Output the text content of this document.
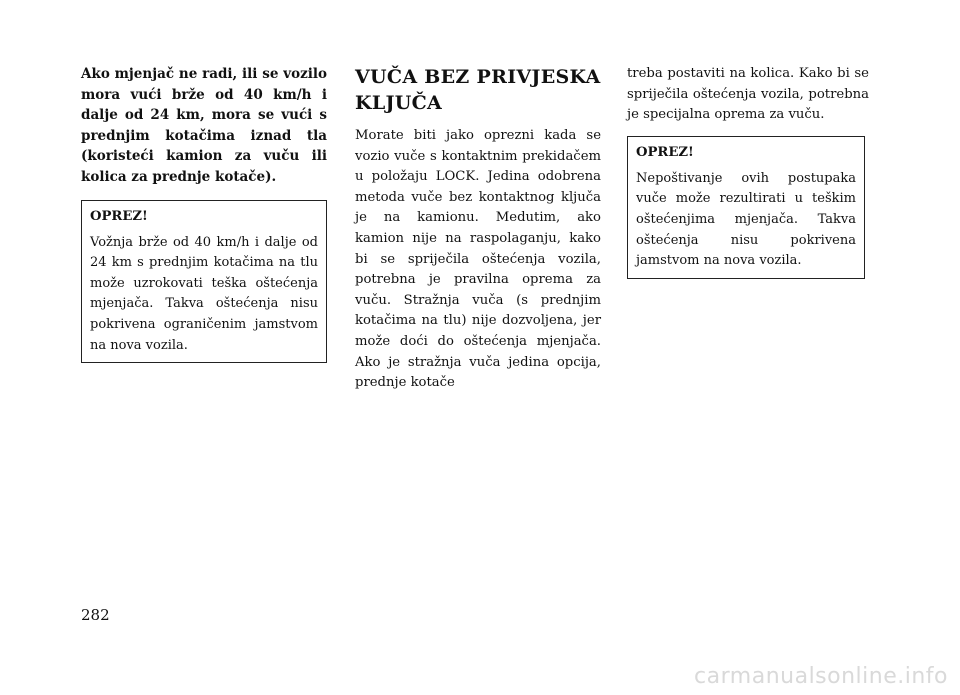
Ako mjenjač ne radi, ili se vozilo mora vući brže od 40 km/h i dalje od 24 km, mora se vući s prednjim kotačima iznad tla (koristeći kamion za vuču ili kolica za prednje kotače).

OPREZ!

Vožnja brže od 40 km/h i dalje od 24 km s prednjim kotačima na tlu može uzrokovati teška oštećenja mjenjača. Takva oštećenja nisu pokrivena ograničenim jamstvom na nova vozila.

VUČA BEZ PRIVJESKA KLJUČA

Morate biti jako oprezni kada se vozio vuče s kontaktnim prekidačem u položaju LOCK. Jedina odobrena metoda vuče bez kontaktnog ključa je na kamionu. Medutim, ako kamion nije na raspolaganju, kako bi se spriječila oštećenja vozila, potrebna je pravilna oprema za vuču. Stražnja vuča (s prednjim kotačima na tlu) nije dozvoljena, jer može doći do oštećenja mjenjača. Ako je stražnja vuča jedina opcija, prednje kotače

treba postaviti na kolica. Kako bi se spriječila oštećenja vozila, potrebna je specijalna oprema za vuču.

OPREZ!

Nepoštivanje ovih postupaka vuče može rezultirati u teškim oštećenjima mjenjača. Takva oštećenja nisu pokrivena jamstvom na nova vozila.

282
carmanualsonline.info
